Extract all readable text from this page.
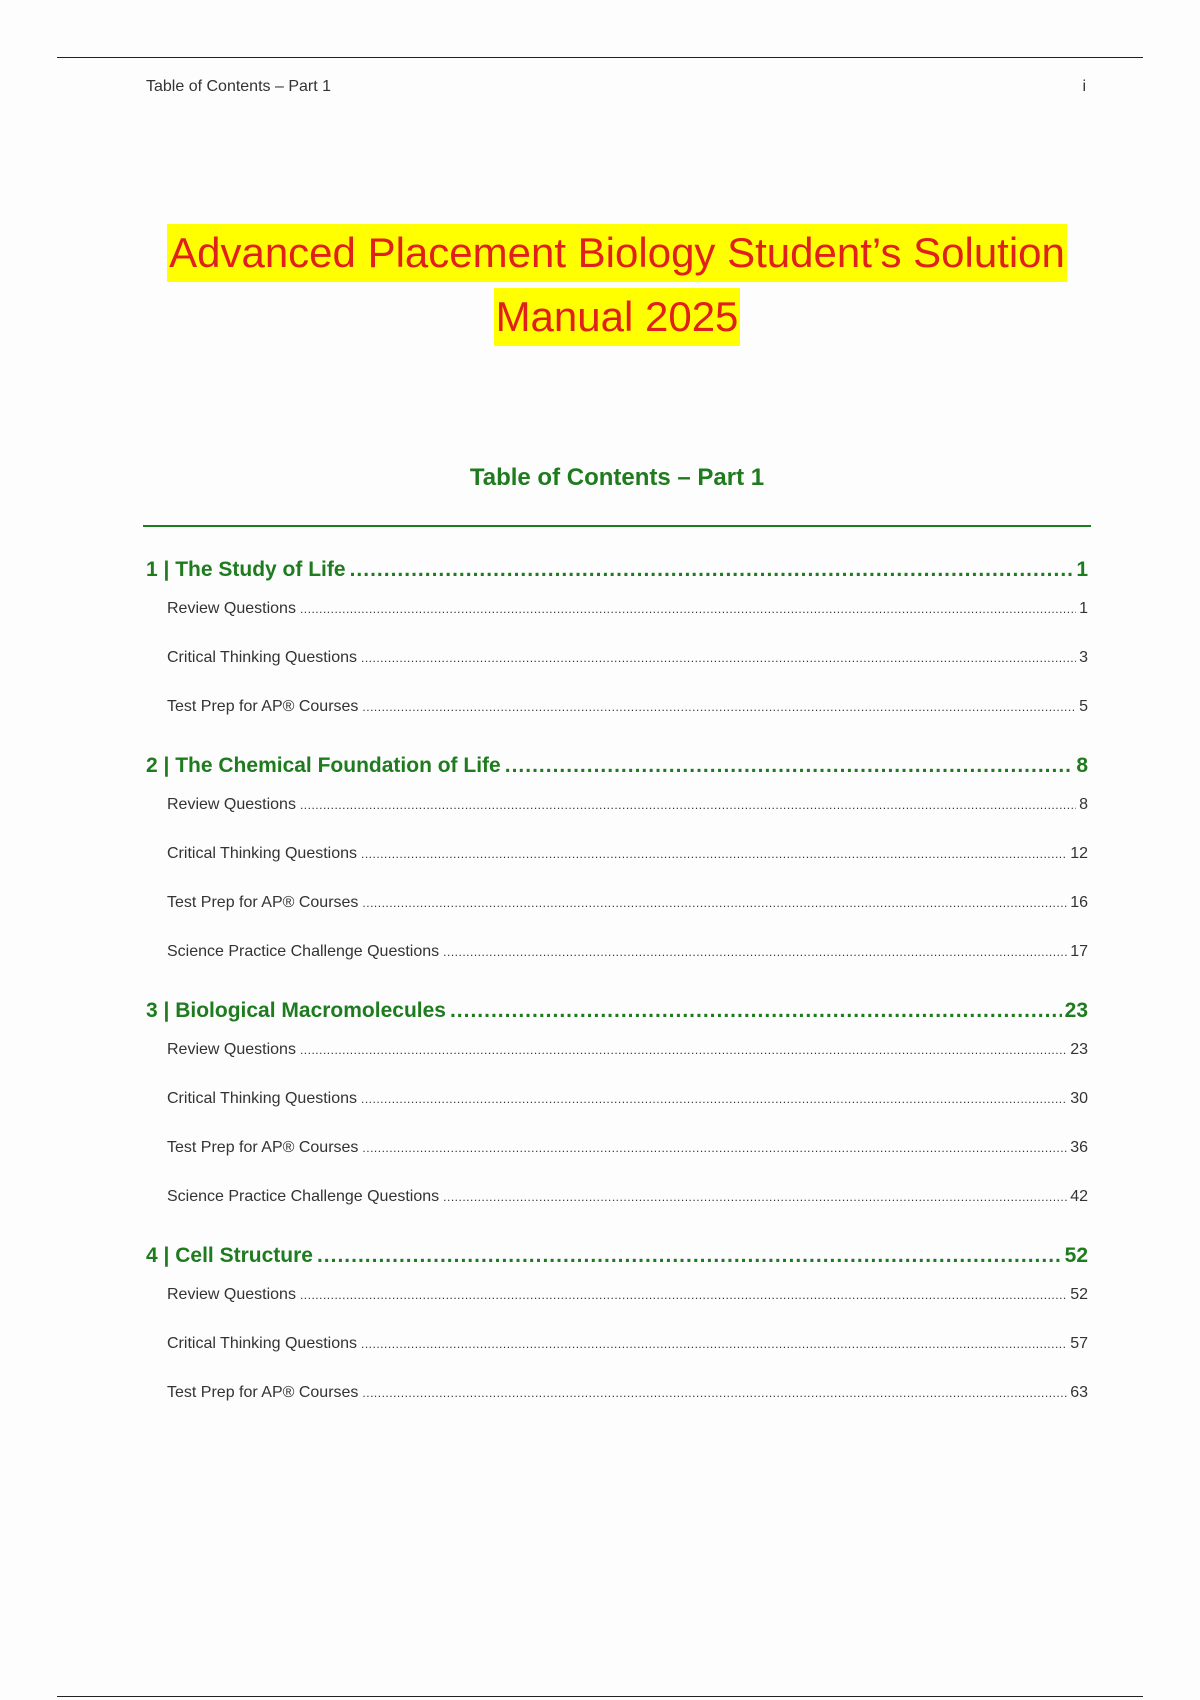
Table of Contents – Part 1	i
Advanced Placement Biology Student’s Solution
Manual 2025
Table of Contents – Part 1
1 | The Study of Life .....	1
Review Questions .....	1
Critical Thinking Questions .....	3
Test Prep for AP® Courses .....	5
2 | The Chemical Foundation of Life .....	8
Review Questions .....	8
Critical Thinking Questions .....	12
Test Prep for AP® Courses .....	16
Science Practice Challenge Questions .....	17
3 | Biological Macromolecules .....	23
Review Questions .....	23
Critical Thinking Questions .....	30
Test Prep for AP® Courses .....	36
Science Practice Challenge Questions .....	42
4 | Cell Structure .....	52
Review Questions .....	52
Critical Thinking Questions .....	57
Test Prep for AP® Courses .....	63
